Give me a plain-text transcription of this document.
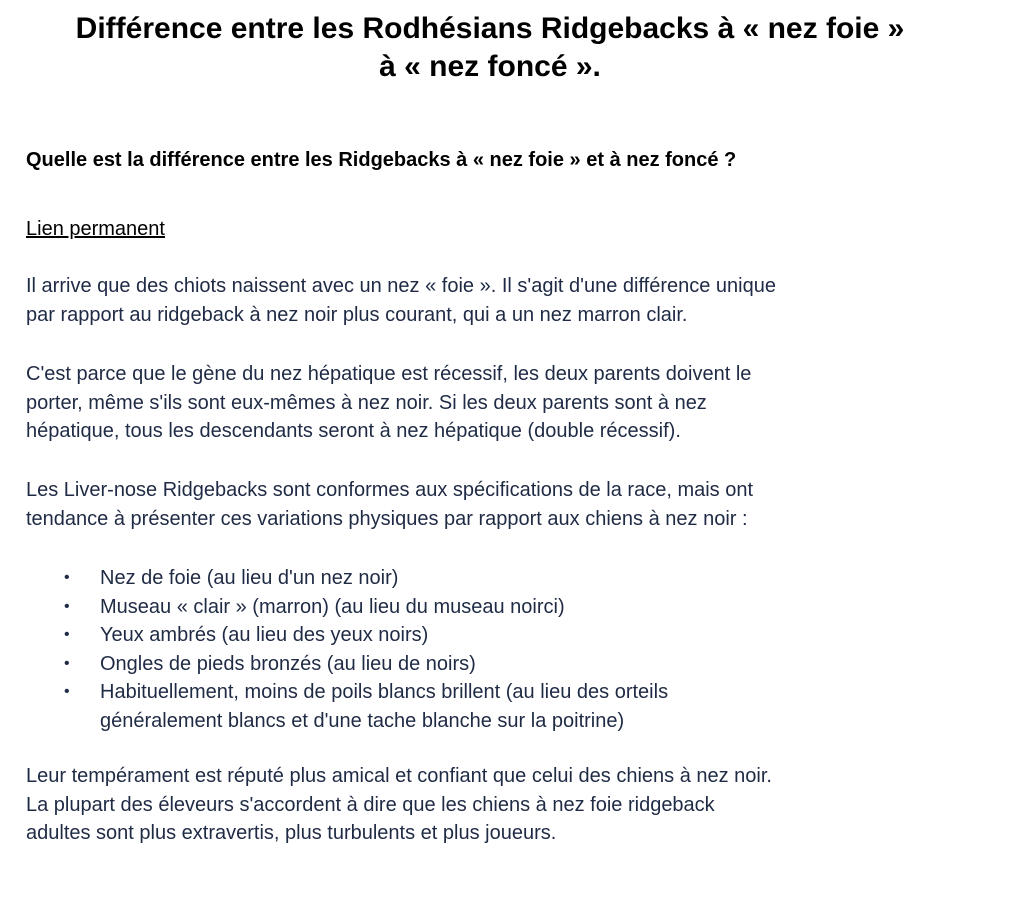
Différence entre les Rodhésians Ridgebacks à « nez foie »
à « nez foncé ».

Quelle est la différence entre les Ridgebacks à « nez foie » et à nez foncé ?

Lien permanent

Il arrive que des chiots naissent avec un nez « foie ». Il s'agit d'une différence unique
par rapport au ridgeback à nez noir plus courant, qui a un nez marron clair.

C'est parce que le gène du nez hépatique est récessif, les deux parents doivent le
porter, même s'ils sont eux-mêmes à nez noir. Si les deux parents sont à nez
hépatique, tous les descendants seront à nez hépatique (double récessif).

Les Liver-nose Ridgebacks sont conformes aux spécifications de la race, mais ont
tendance à présenter ces variations physiques par rapport aux chiens à nez noir :

• Nez de foie (au lieu d'un nez noir)
• Museau « clair » (marron) (au lieu du museau noirci)
• Yeux ambrés (au lieu des yeux noirs)
• Ongles de pieds bronzés (au lieu de noirs)
• Habituellement, moins de poils blancs brillent (au lieu des orteils
généralement blancs et d'une tache blanche sur la poitrine)

Leur tempérament est réputé plus amical et confiant que celui des chiens à nez noir.
La plupart des éleveurs s'accordent à dire que les chiens à nez foie ridgeback
adultes sont plus extravertis, plus turbulents et plus joueurs.
